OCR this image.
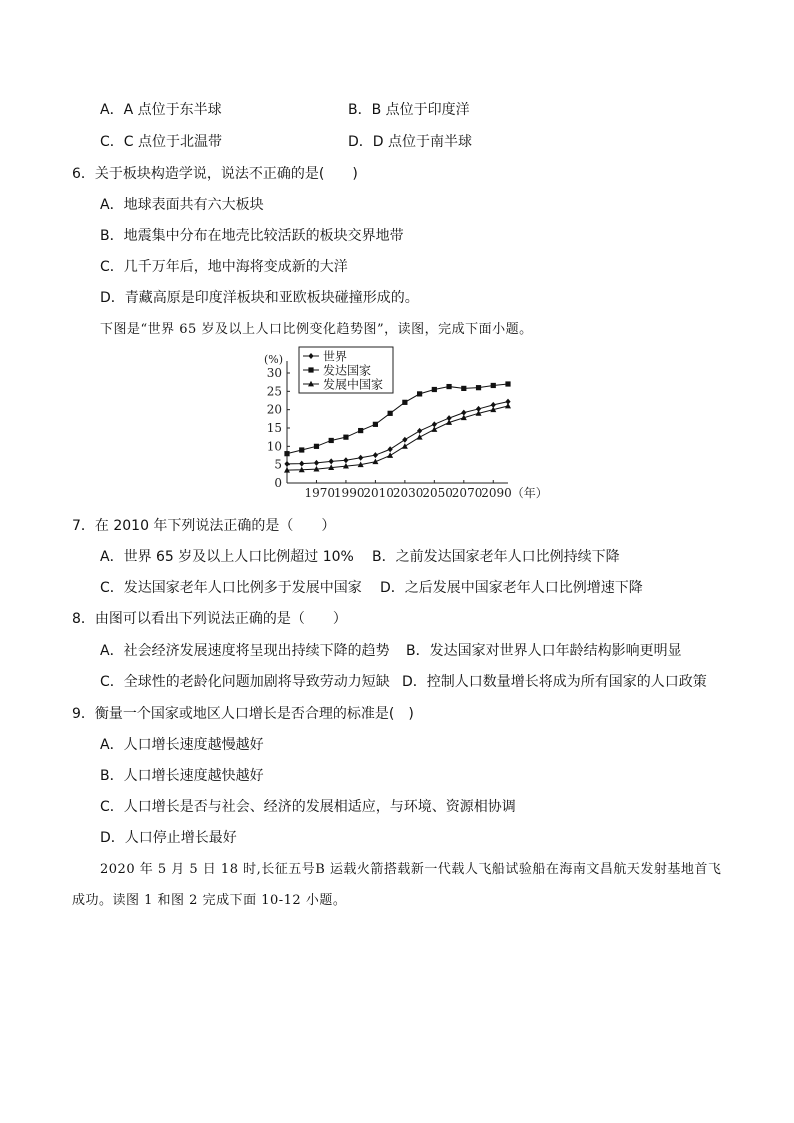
A．A 点位于东半球	B．B 点位于印度洋
C．C 点位于北温带	D．D 点位于南半球
6．关于板块构造学说，说法不正确的是(　　)
A．地球表面共有六大板块
B．地震集中分布在地壳比较活跃的板块交界地带
C．几千万年后，地中海将变成新的大洋
D．青藏高原是印度洋板块和亚欧板块碰撞形成的。
下图是“世界 65 岁及以上人口比例变化趋势图”，读图，完成下面小题。
(%)
0
5
10
15
20
25
30
1970
1990
2010
2030
2050
2070
2090（年）
世界
发达国家
发展中国家
7．在 2010 年下列说法正确的是（　　）
A．世界 65 岁及以上人口比例超过 10% B．之前发达国家老年人口比例持续下降
C．发达国家老年人口比例多于发展中国家 D．之后发展中国家老年人口比例增速下降
8．由图可以看出下列说法正确的是（　　）
A．社会经济发展速度将呈现出持续下降的趋势 B．发达国家对世界人口年龄结构影响更明显
C．全球性的老龄化问题加剧将导致劳动力短缺 D．控制人口数量增长将成为所有国家的人口政策
9．衡量一个国家或地区人口增长是否合理的标准是(　)
A．人口增长速度越慢越好
B．人口增长速度越快越好
C．人口增长是否与社会、经济的发展相适应，与环境、资源相协调
D．人口停止增长最好
2020 年 5 月 5 日 18 时,长征五号B 运载火箭搭载新一代载人飞船试验船在海南文昌航天发射基地首飞
成功。读图 1 和图 2 完成下面 10-12 小题。
